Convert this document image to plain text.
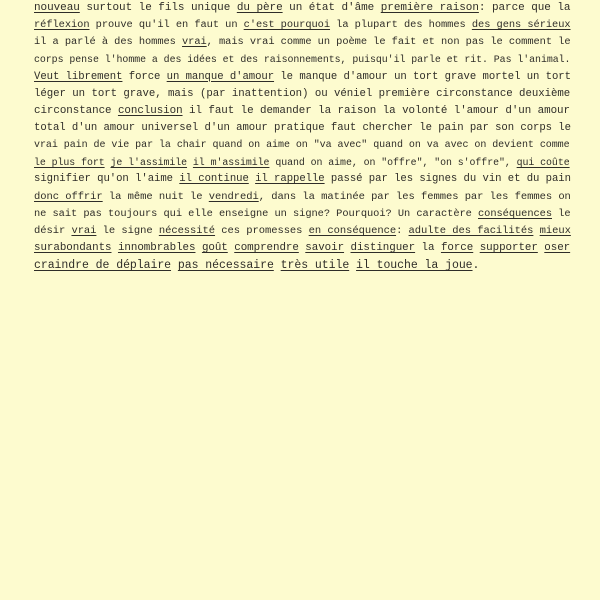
nouveau surtout le fils unique du père un état d'âme première raison: parce que la
réflexion prouve qu'il en faut un c'est pourquoi la plupart des hommes des gens sérieux
il a parlé à des hommes vrai, mais vrai comme un poème le fait et non pas le comment le
corps pense l'homme a des idées et des raisonnements, puisqu'il parle et rit. Pas l'animal.
Veut librement force un manque d'amour le manque d'amour un tort grave mortel un tort
léger un tort grave, mais (par inattention) ou véniel première circonstance deuxième
circonstance conclusion il faut le demander la raison la volonté l'amour d'un amour
total d'un amour universel d'un amour pratique faut chercher le pain par son corps le
vrai pain de vie par la chair quand on aime on "va avec" quand on va avec on devient comme
le plus fort je l'assimile il m'assimile quand on aime, on "offre", "on s'offre", qui coûte
signifier qu'on l'aime il continue il rappelle passé par les signes du vin et du pain
donc offrir la même nuit le vendredi, dans la matinée par les femmes par les femmes on
ne sait pas toujours qui elle enseigne un signe? Pourquoi? Un caractère conséquences le
désir vrai le signe nécessité ces promesses en conséquence: adulte des facilités mieux
surabondants innombrables goût comprendre savoir distinguer la force supporter oser
craindre de déplaire pas nécessaire très utile il touche la joue.
